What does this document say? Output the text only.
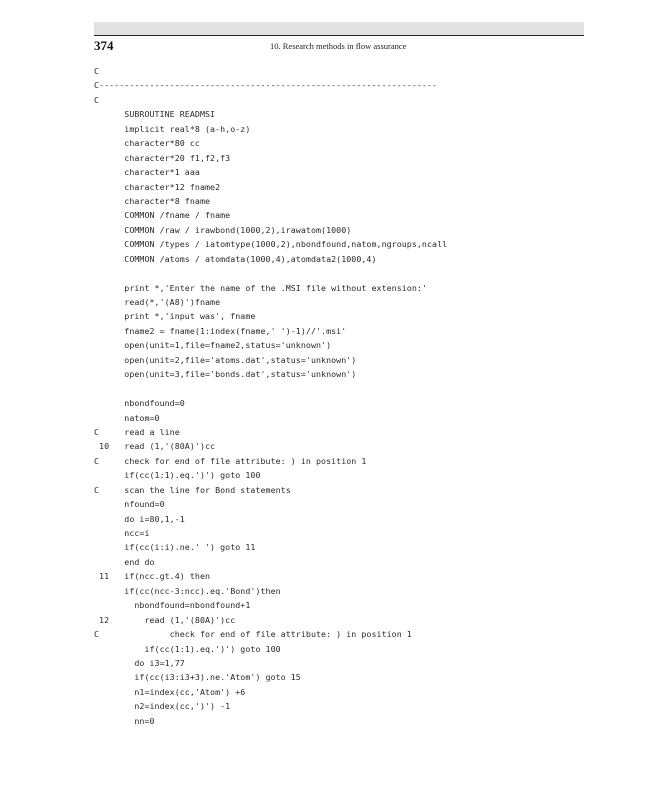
374	10. Research methods in flow assurance
C
C-------------------------------------------------------------------
C
SUBROUTINE READMSI
implicit real*8 (a-h,o-z)
character*80 cc
character*20 f1,f2,f3
character*1 aaa
character*12 fname2
character*8 fname
COMMON /fname / fname
COMMON /raw / irawbond(1000,2),irawatom(1000)
COMMON /types / iatomtype(1000,2),nbondfound,natom,ngroups,ncall
COMMON /atoms / atomdata(1000,4),atomdata2(1000,4)
print *,'Enter the name of the .MSI file without extension:'
read(*,'(A8)')fname
print *,'input was', fname
fname2 = fname(1:index(fname,' ')-1)//'.msi'
open(unit=1,file=fname2,status='unknown')
open(unit=2,file='atoms.dat',status='unknown')
open(unit=3,file='bonds.dat',status='unknown')
nbondfound=0
natom=0
C     read a line
10   read (1,'(80A)')cc
C     check for end of file attribute: ) in position 1
if(cc(1:1).eq.')') goto 100
C     scan the line for Bond statements
nfound=0
do i=80,1,-1
ncc=i
if(cc(i:i).ne.' ') goto 11
end do
11   if(ncc.gt.4) then
if(cc(ncc-3:ncc).eq.'Bond')then
nbondfound=nbondfound+1
12       read (1,'(80A)')cc
C              check for end of file attribute: ) in position 1
if(cc(1:1).eq.')') goto 100
do i3=1,77
if(cc(i3:i3+3).ne.'Atom') goto 15
n1=index(cc,'Atom') +6
n2=index(cc,')') -1
nn=0
